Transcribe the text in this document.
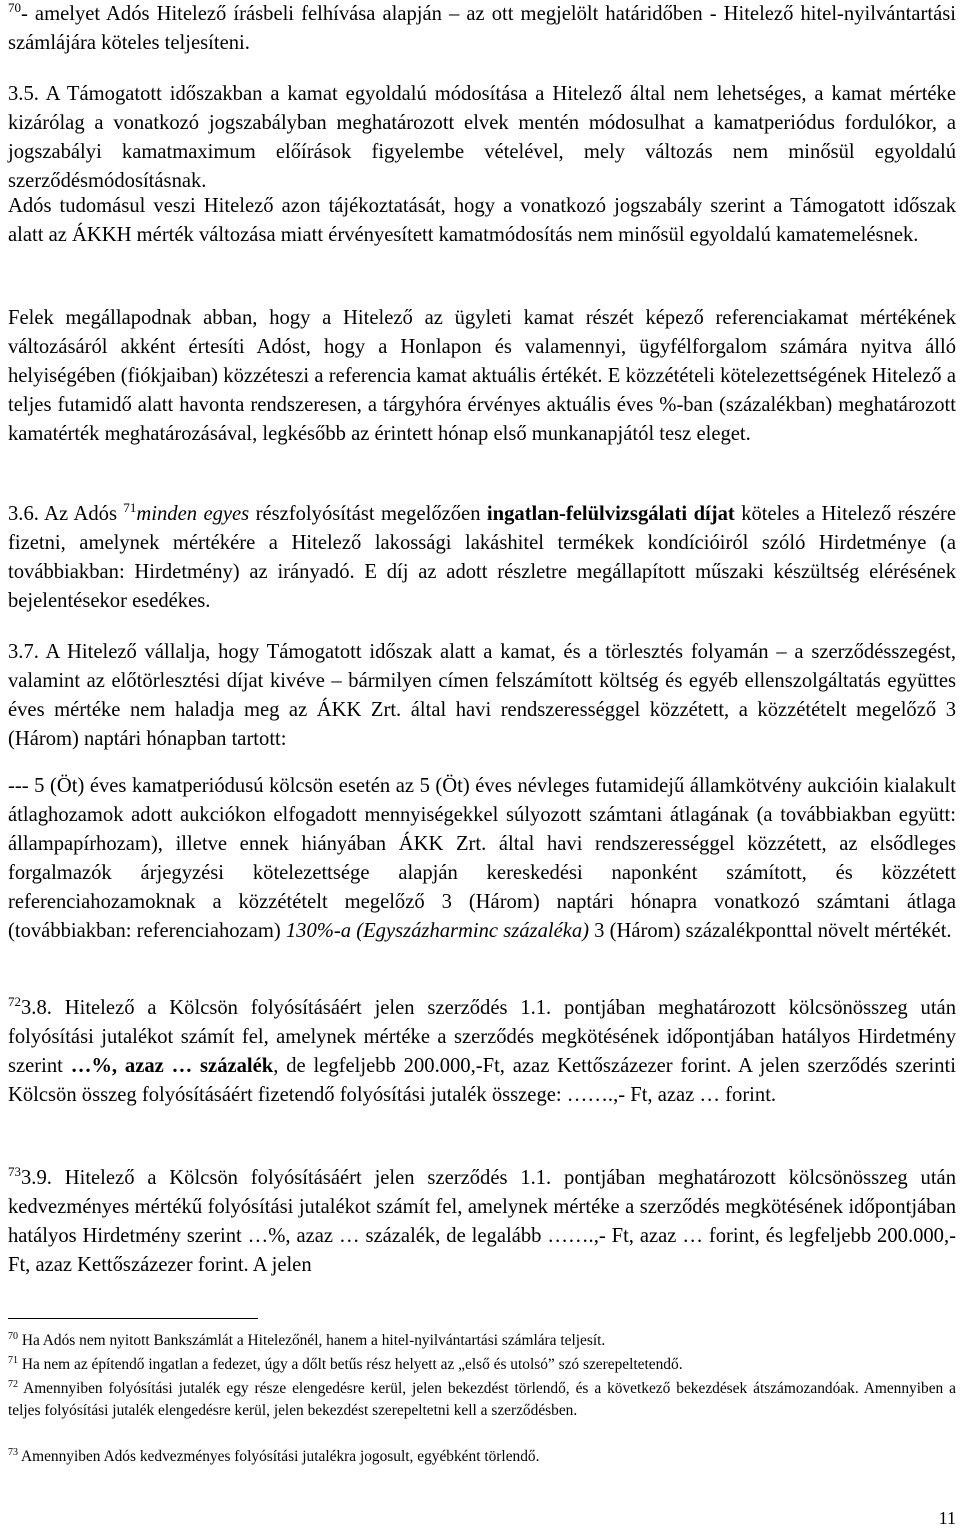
$^{70}$- amelyet Adós Hitelező írásbeli felhívása alapján – az ott megjelölt határidőben - Hitelező hitel-nyilvántartási számlájára köteles teljesíteni.
3.5. A Támogatott időszakban a kamat egyoldalú módosítása a Hitelező által nem lehetséges, a kamat mértéke kizárólag a vonatkozó jogszabályban meghatározott elvek mentén módosulhat a kamatperiódus fordulókor, a jogszabályi kamatmaximum előírások figyelembe vételével, mely változás nem minősül egyoldalú szerződésmódosításnak.
Adós tudomásul veszi Hitelező azon tájékoztatását, hogy a vonatkozó jogszabály szerint a Támogatott időszak alatt az ÁKKH mérték változása miatt érvényesített kamatmódosítás nem minősül egyoldalú kamatemelésnek.
Felek megállapodnak abban, hogy a Hitelező az ügyleti kamat részét képező referenciakamat mértékének változásáról akként értesíti Adóst, hogy a Honlapon és valamennyi, ügyfélforgalom számára nyitva álló helyiségében (fiókjaiban) közzéteszi a referencia kamat aktuális értékét. E közzétételi kötelezettségének Hitelező a teljes futamidő alatt havonta rendszeresen, a tárgyhóra érvényes aktuális éves %-ban (százalékban) meghatározott kamatérték meghatározásával, legkésőbb az érintett hónap első munkanapjától tesz eleget.
3.6. Az Adós $^{71}$minden egyes részfolyósítást megelőzően ingatlan-felülvizsgálati díjat köteles a Hitelező részére fizetni, amelynek mértékére a Hitelező lakossági lakáshitel termékek kondícióiról szóló Hirdetménye (a továbbiakban: Hirdetmény) az irányadó. E díj az adott részletre megállapított műszaki készültség elérésének bejelentésekor esedékes.
3.7. A Hitelező vállalja, hogy Támogatott időszak alatt a kamat, és a törlesztés folyamán – a szerződésszegést, valamint az előtörlesztési díjat kivéve – bármilyen címen felszámított költség és egyéb ellenszolgáltatás együttes éves mértéke nem haladja meg az ÁKK Zrt. által havi rendszerességgel közzétett, a közzétételt megelőző 3 (Három) naptári hónapban tartott:
--- 5 (Öt) éves kamatperiódusú kölcsön esetén az 5 (Öt) éves névleges futamidejű államkötvény aukcióin kialakult átlaghozamok adott aukciókon elfogadott mennyiségekkel súlyozott számtani átlagának (a továbbiakban együtt: állampapírhozam), illetve ennek hiányában ÁKK Zrt. által havi rendszerességgel közzétett, az elsődleges forgalmazók árjegyzési kötelezettsége alapján kereskedési naponként számított, és közzétett referenciahozamoknak a közzétételt megelőző 3 (Három) naptári hónapra vonatkozó számtani átlaga (továbbiakban: referenciahozam) 130%-a (Egyszázharminc százaléka) 3 (Három) százalékponttal növelt mértékét.
$^{72}$3.8. Hitelező a Kölcsön folyósításáért jelen szerződés 1.1. pontjában meghatározott kölcsönösszeg után folyósítási jutalékot számít fel, amelynek mértéke a szerződés megkötésének időpontjában hatályos Hirdetmény szerint …%, azaz … százalék, de legfeljebb 200.000,-Ft, azaz Kettőszázezer forint. A jelen szerződés szerinti Kölcsön összeg folyósításáért fizetendő folyósítási jutalék összege: …….,- Ft, azaz … forint.
$^{73}$3.9. Hitelező a Kölcsön folyósításáért jelen szerződés 1.1. pontjában meghatározott kölcsönösszeg után kedvezményes mértékű folyósítási jutalékot számít fel, amelynek mértéke a szerződés megkötésének időpontjában hatályos Hirdetmény szerint …%, azaz … százalék, de legalább …….,- Ft, azaz … forint, és legfeljebb 200.000,- Ft, azaz Kettőszázezer forint. A jelen
$^{70}$ Ha Adós nem nyitott Bankszámlát a Hitelezőnél, hanem a hitel-nyilvántartási számlára teljesít.
$^{71}$ Ha nem az építendő ingatlan a fedezet, úgy a dőlt betűs rész helyett az „első és utolsó” szó szerepeltetendő.
$^{72}$ Amennyiben folyósítási jutalék egy része elengedésre kerül, jelen bekezdést törlendő, és a következő bekezdések átszámozandóak. Amennyiben a teljes folyósítási jutalék elengedésre kerül, jelen bekezdést szerepeltetni kell a szerződésben.
$^{73}$ Amennyiben Adós kedvezményes folyósítási jutalékra jogosult, egyébként törlendő.
11
